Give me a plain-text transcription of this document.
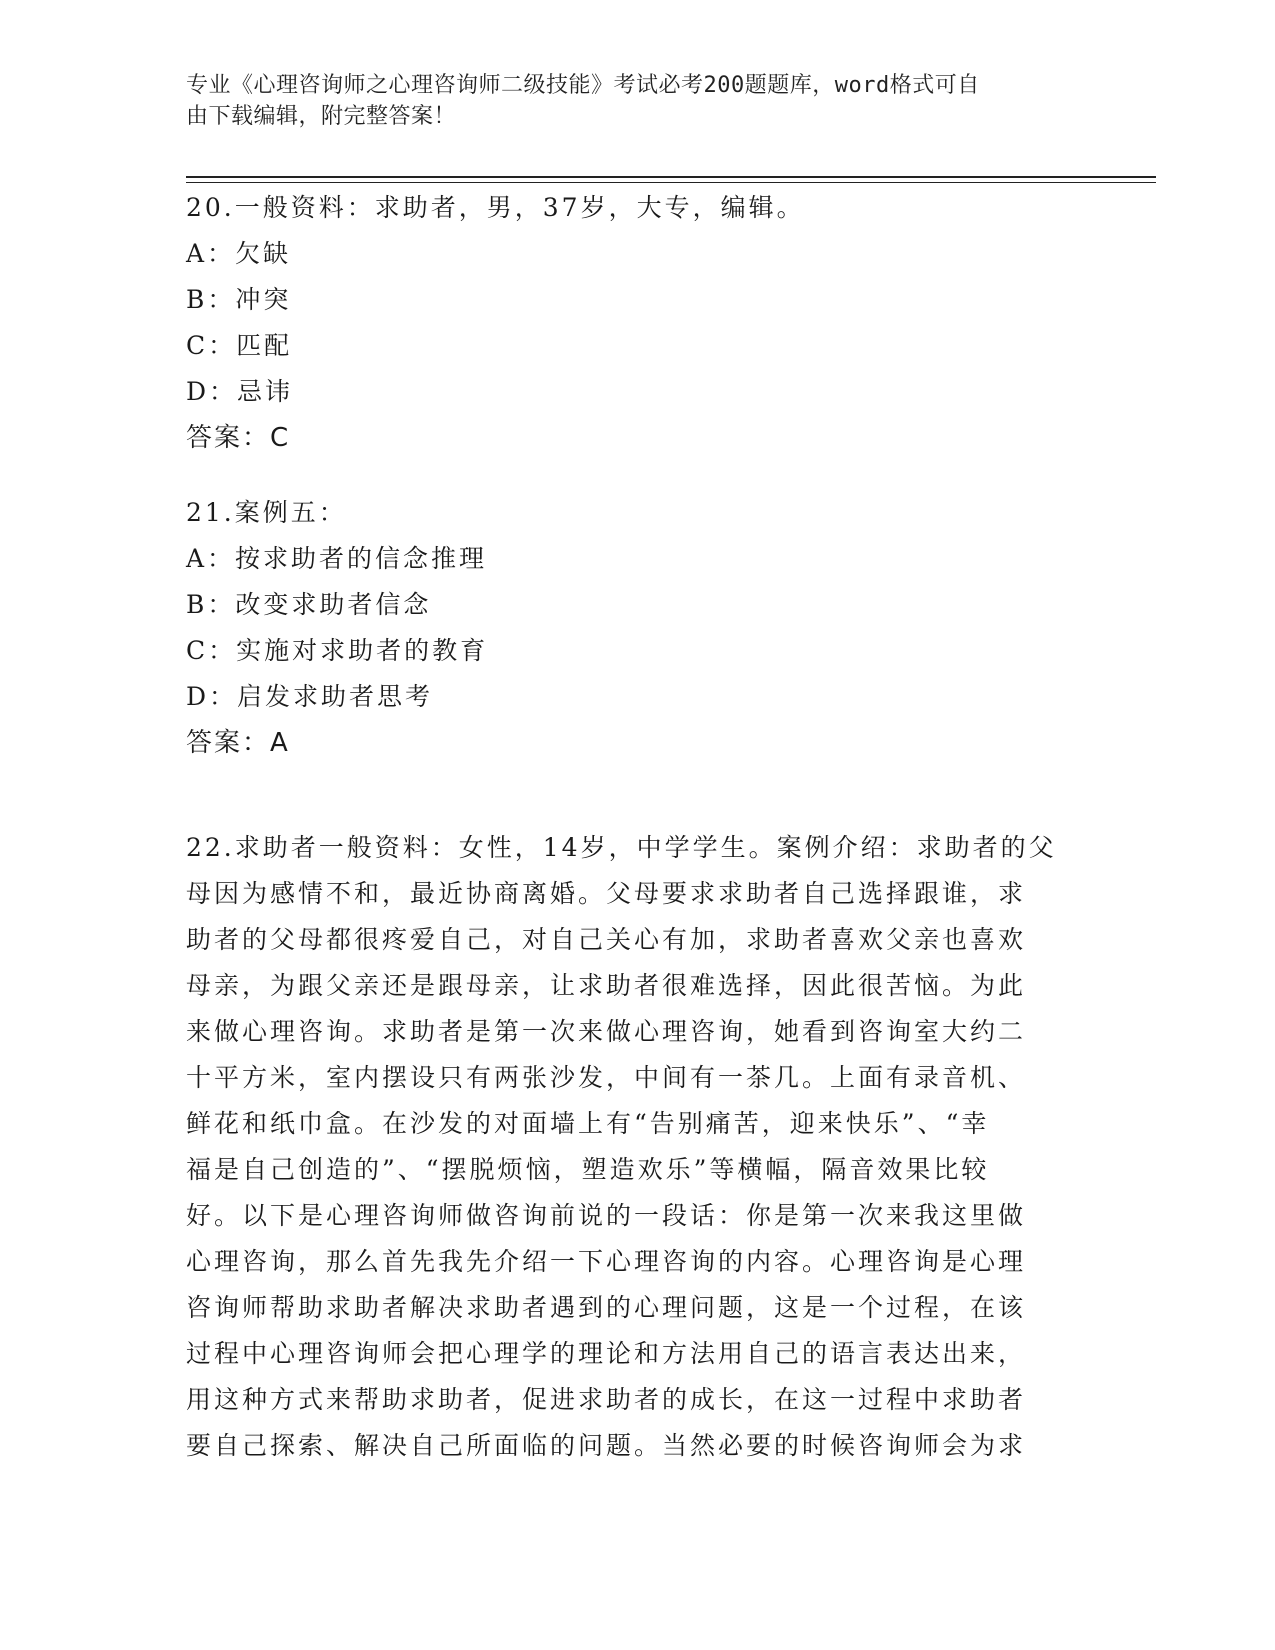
专业《心理咨询师之心理咨询师二级技能》考试必考200题题库，word格式可自
由下载编辑，附完整答案！
20.一般资料：求助者，男，37岁，大专，编辑。
A：欠缺
B：冲突
C：匹配
D：忌讳
答案：C
21.案例五：
A：按求助者的信念推理
B：改变求助者信念
C：实施对求助者的教育
D：启发求助者思考
答案：A
22.求助者一般资料：女性，14岁，中学学生。案例介绍：求助者的父
母因为感情不和，最近协商离婚。父母要求求助者自己选择跟谁，求
助者的父母都很疼爱自己，对自己关心有加，求助者喜欢父亲也喜欢
母亲，为跟父亲还是跟母亲，让求助者很难选择，因此很苦恼。为此
来做心理咨询。求助者是第一次来做心理咨询，她看到咨询室大约二
十平方米，室内摆设只有两张沙发，中间有一茶几。上面有录音机、
鲜花和纸巾盒。在沙发的对面墙上有“告别痛苦，迎来快乐”、“幸
福是自己创造的”、“摆脱烦恼，塑造欢乐”等横幅，隔音效果比较
好。以下是心理咨询师做咨询前说的一段话：你是第一次来我这里做
心理咨询，那么首先我先介绍一下心理咨询的内容。心理咨询是心理
咨询师帮助求助者解决求助者遇到的心理问题，这是一个过程，在该
过程中心理咨询师会把心理学的理论和方法用自己的语言表达出来，
用这种方式来帮助求助者，促进求助者的成长，在这一过程中求助者
要自己探索、解决自己所面临的问题。当然必要的时候咨询师会为求
